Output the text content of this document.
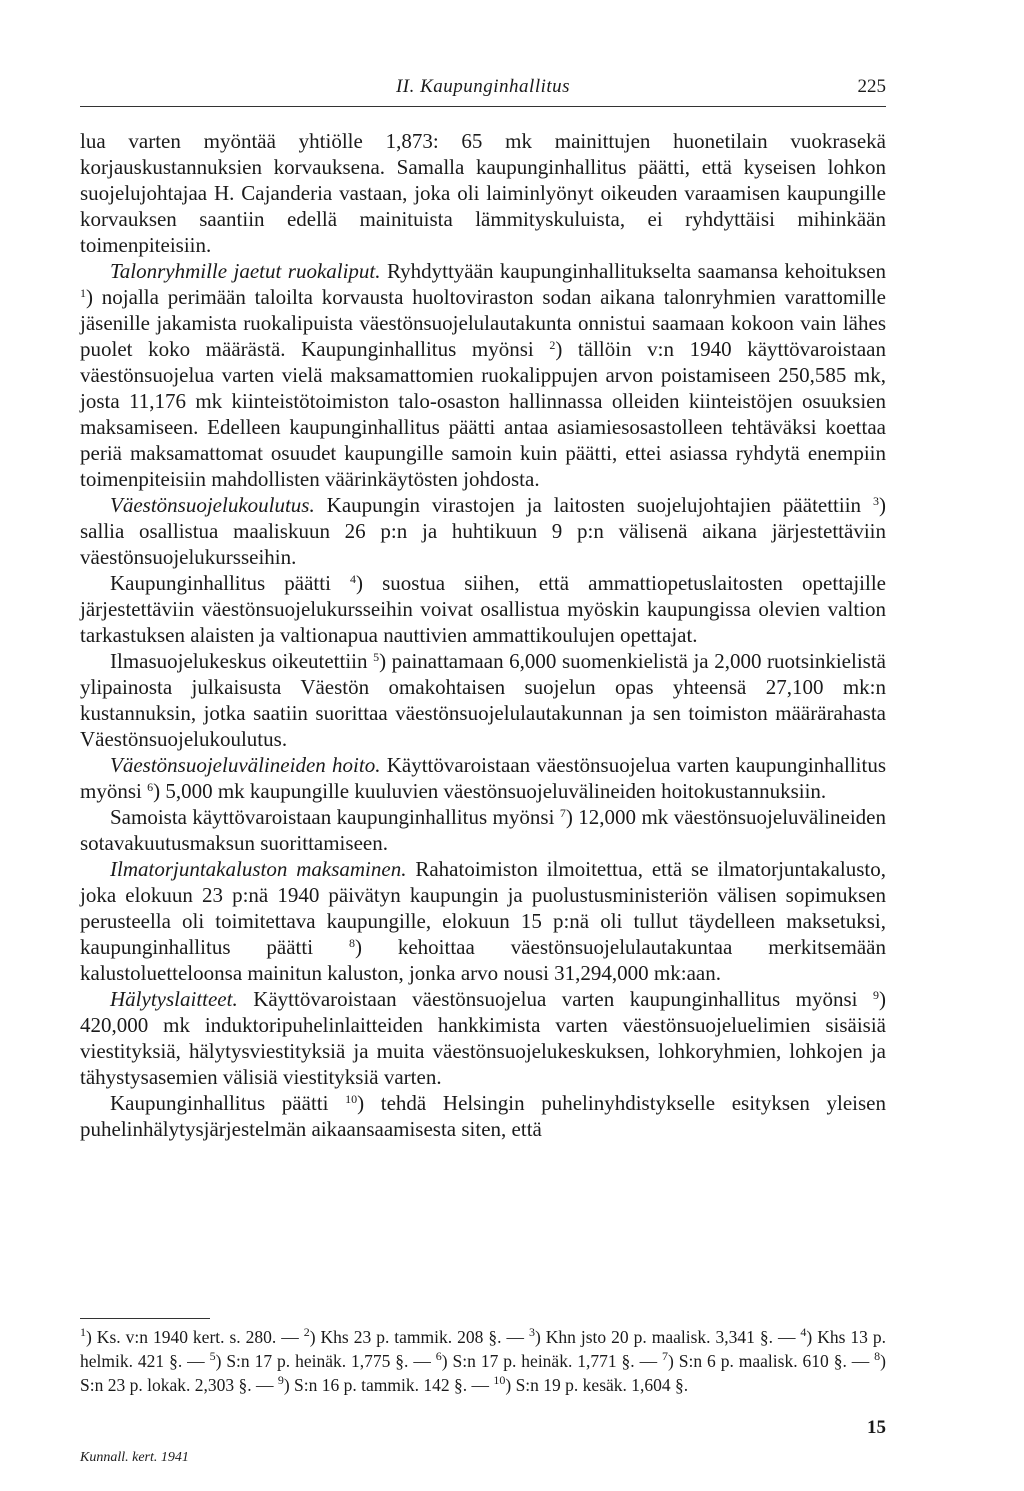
II. Kaupunginhallitus	225

lua varten myöntää yhtiölle 1,873: 65 mk mainittujen huonetilain vuokrasekä korjauskustannuksien korvauksena. Samalla kaupunginhallitus päätti, että kyseisen lohkon suojelujohtajaa H. Cajanderia vastaan, joka oli laiminlyönyt oikeuden varaamisen kaupungille korvauksen saantiin edellä mainituista lämmityskuluista, ei ryhdyttäisi mihinkään toimenpiteisiin.

Talonryhmille jaetut ruokaliput. Ryhdyttyään kaupunginhallitukselta saamansa kehoituksen $^1$) nojalla perimään taloilta korvausta huoltoviraston sodan aikana talonryhmien varattomille jäsenille jakamista ruokalipuista väestönsuojelulautakunta onnistui saamaan kokoon vain lähes puolet koko määrästä. Kaupunginhallitus myönsi $^2$) tällöin v:n 1940 käyttövaroistaan väestönsuojelua varten vielä maksamattomien ruokalippujen arvon poistamiseen 250,585 mk, josta 11,176 mk kiinteistötoimiston talo-osaston hallinnassa olleiden kiinteistöjen osuuksien maksamiseen. Edelleen kaupunginhallitus päätti antaa asiamiesosastolleen tehtäväksi koettaa periä maksamattomat osuudet kaupungille samoin kuin päätti, ettei asiassa ryhdytä enempiin toimenpiteisiin mahdollisten väärinkäytösten johdosta.

Väestönsuojelukoulutus. Kaupungin virastojen ja laitosten suojelujohtajien päätettiin $^3$) sallia osallistua maaliskuun 26 p:n ja huhtikuun 9 p:n välisenä aikana järjestettäviin väestönsuojelukursseihin.

Kaupunginhallitus päätti $^4$) suostua siihen, että ammattiopetuslaitosten opettajille järjestettäviin väestönsuojelukursseihin voivat osallistua myöskin kaupungissa olevien valtion tarkastuksen alaisten ja valtionapua nauttivien ammattikoulujen opettajat.

Ilmasuojelukeskus oikeutettiin $^5$) painattamaan 6,000 suomenkielistä ja 2,000 ruotsinkielistä ylipainosta julkaisusta Väestön omakohtaisen suojelun opas yhteensä 27,100 mk:n kustannuksin, jotka saatiin suorittaa väestönsuojelulautakunnan ja sen toimiston määrärahasta Väestönsuojelukoulutus.

Väestönsuojeluvälineiden hoito. Käyttövaroistaan väestönsuojelua varten kaupunginhallitus myönsi $^6$) 5,000 mk kaupungille kuuluvien väestönsuojeluvälineiden hoitokustannuksiin.

Samoista käyttövaroistaan kaupunginhallitus myönsi $^7$) 12,000 mk väestönsuojeluvälineiden sotavakuutusmaksun suorittamiseen.

Ilmatorjuntakaluston maksaminen. Rahatoimiston ilmoitettua, että se ilmatorjuntakalusto, joka elokuun 23 p:nä 1940 päivätyn kaupungin ja puolustusministeriön välisen sopimuksen perusteella oli toimitettava kaupungille, elokuun 15 p:nä oli tullut täydelleen maksetuksi, kaupunginhallitus päätti $^8$) kehoittaa väestönsuojelulautakuntaa merkitsemään kalustoluetteloonsa mainitun kaluston, jonka arvo nousi 31,294,000 mk:aan.

Hälytyslaitteet. Käyttövaroistaan väestönsuojelua varten kaupunginhallitus myönsi $^9$) 420,000 mk induktoripuhelinlaitteiden hankkimista varten väestönsuojeluelimien sisäisiä viestityksiä, hälytysviestityksiä ja muita väestönsuojelukeskuksen, lohkoryhmien, lohkojen ja tähystysasemien välisiä viestityksiä varten.

Kaupunginhallitus päätti $^{10}$) tehdä Helsingin puhelinyhdistykselle esityksen yleisen puhelinhälytysjärjestelmän aikaansaamisesta siten, että

$^1$) Ks. v:n 1940 kert. s. 280. — $^2$) Khs 23 p. tammik. 208 §. — $^3$) Khn jsto 20 p. maalisk. 3,341 §. — $^4$) Khs 13 p. helmik. 421 §. — $^5$) S:n 17 p. heinäk. 1,775 §. — $^6$) S:n 17 p. heinäk. 1,771 §. — $^7$) S:n 6 p. maalisk. 610 §. — $^8$) S:n 23 p. lokak. 2,303 §. — $^9$) S:n 16 p. tammik. 142 §. — $^{10}$) S:n 19 p. kesäk. 1,604 §.
Kunnall. kert. 1941
15
